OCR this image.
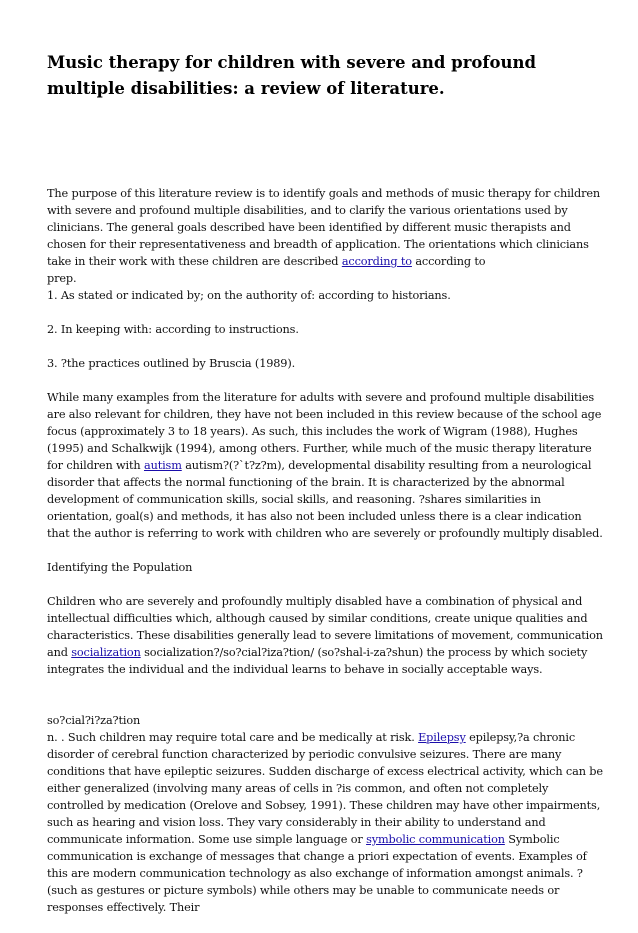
Music therapy for children with severe and profound multiple disabilities: a review of literature.

The purpose of this literature review is to identify goals and methods of music therapy for children with severe and profound multiple disabilities, and to clarify the various orientations used by clinicians. The general goals described have been identified by different music therapists and chosen for their representativeness and breadth of application. The orientations which clinicians take in their work with these children are described according to according to

prep.

1. As stated or indicated by; on the authority of: according to historians.

2. In keeping with: according to instructions.

3. ?the practices outlined by Bruscia (1989).

While many examples from the literature for adults with severe and profound multiple disabilities are also relevant for children, they have not been included in this review because of the school age focus (approximately 3 to 18 years). As such, this includes the work of Wigram (1988), Hughes (1995) and Schalkwijk (1994), among others. Further, while much of the music therapy literature for children with autism autism?(?`t?z?m), developmental disability resulting from a neurological disorder that affects the normal functioning of the brain. It is characterized by the abnormal development of communication skills, social skills, and reasoning. ?shares similarities in orientation, goal(s) and methods, it has also not been included unless there is a clear indication that the author is referring to work with children who are severely or profoundly multiply disabled.

Identifying the Population

Children who are severely and profoundly multiply disabled have a combination of physical and intellectual difficulties which, although caused by similar conditions, create unique qualities and characteristics. These disabilities generally lead to severe limitations of movement, communication and socialization socialization?/so?cial?iza?tion/ (so?shal-i-za?shun) the process by which society integrates the individual and the individual learns to behave in socially acceptable ways.

so?cial?i?za?tion

n. . Such children may require total care and be medically at risk. Epilepsy epilepsy,?a chronic disorder of cerebral function characterized by periodic convulsive seizures. There are many conditions that have epileptic seizures. Sudden discharge of excess electrical activity, which can be either generalized (involving many areas of cells in ?is common, and often not completely controlled by medication (Orelove and Sobsey, 1991). These children may have other impairments, such as hearing and vision loss. They vary considerably in their ability to understand and communicate information. Some use simple language or symbolic communication Symbolic communication is exchange of messages that change a priori expectation of events. Examples of this are modern communication technology as also exchange of information amongst animals. ?(such as gestures or picture symbols) while others may be unable to communicate needs or responses effectively. Their
